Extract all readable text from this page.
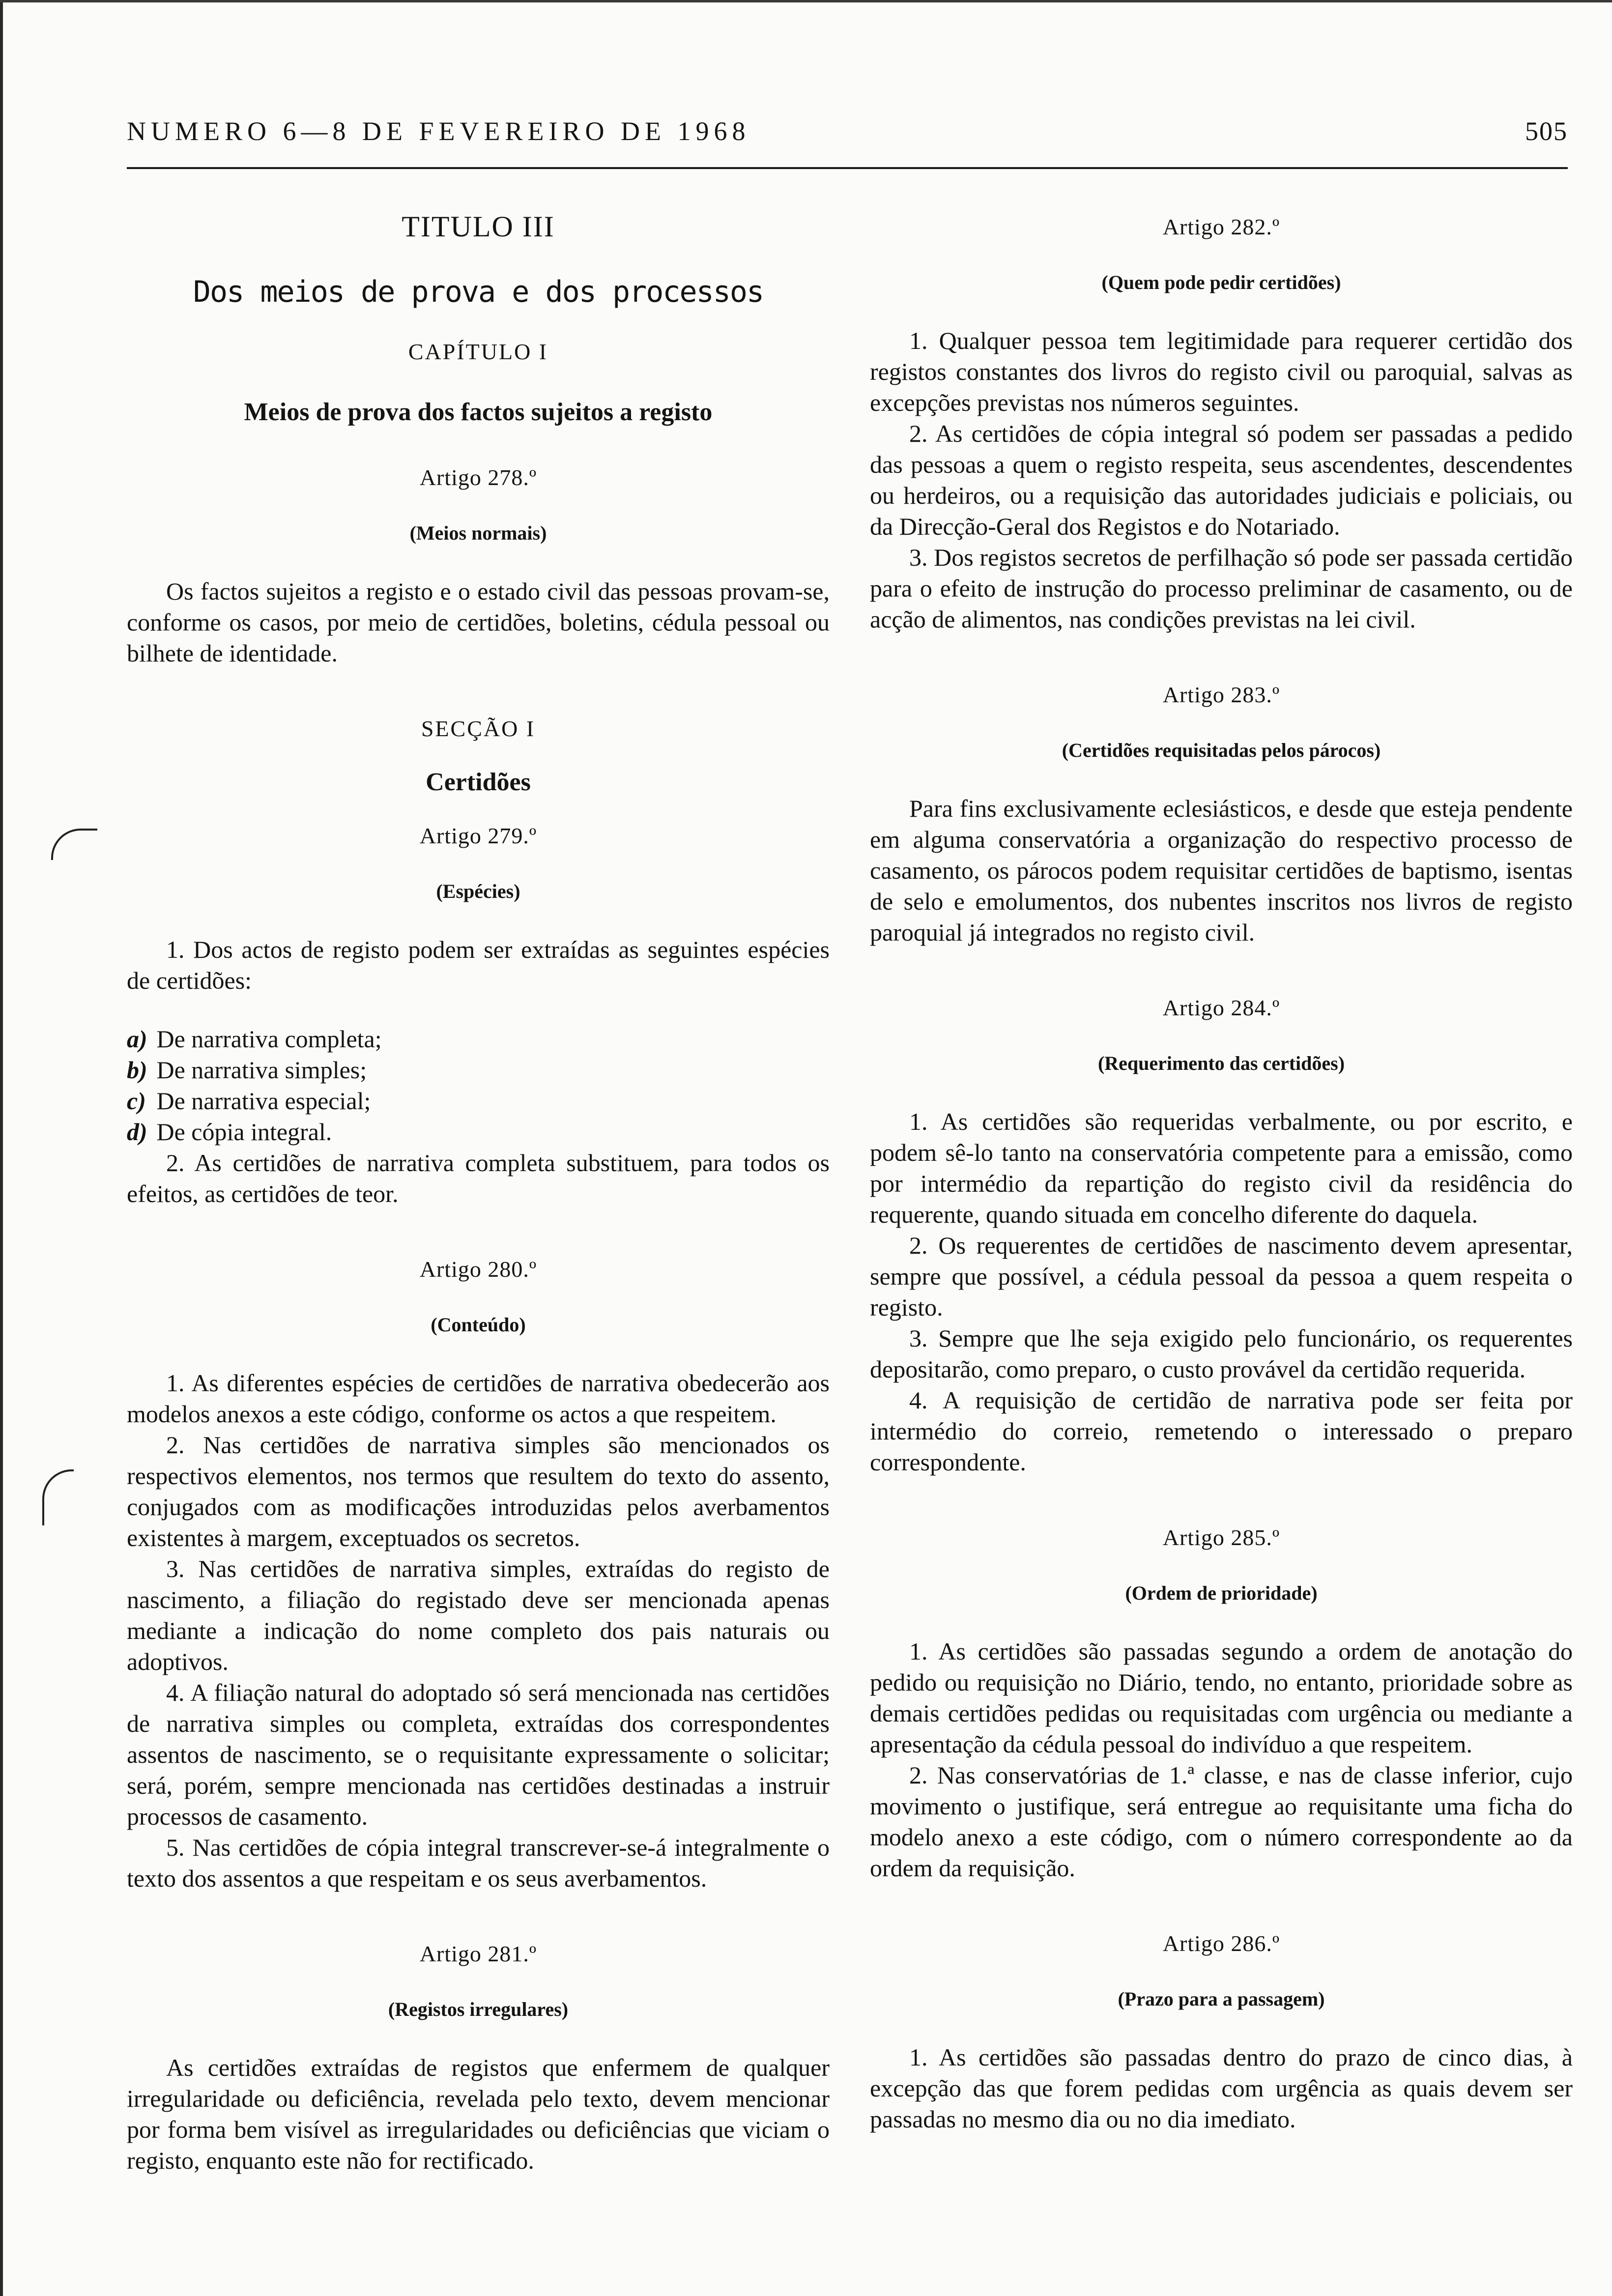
NUMERO 6—8 DE FEVEREIRO DE 1968	505
TITULO III
Dos meios de prova e dos processos
CAPÍTULO I
Meios de prova dos factos sujeitos a registo
Artigo 278.º
(Meios normais)

Os factos sujeitos a registo e o estado civil das pessoas provam-se, conforme os casos, por meio de certidões, boletins, cédula pessoal ou bilhete de identidade.

SECÇÃO I
Certidões
Artigo 279.º
(Espécies)

1. Dos actos de registo podem ser extraídas as seguintes espécies de certidões:

a) De narrativa completa;

b) De narrativa simples;

c) De narrativa especial;

d) De cópia integral.

2. As certidões de narrativa completa substituem, para todos os efeitos, as certidões de teor.

Artigo 280.º
(Conteúdo)

1. As diferentes espécies de certidões de narrativa obedecerão aos modelos anexos a este código, conforme os actos a que respeitem.

2. Nas certidões de narrativa simples são mencionados os respectivos elementos, nos termos que resultem do texto do assento, conjugados com as modificações introduzidas pelos averbamentos existentes à margem, exceptuados os secretos.

3. Nas certidões de narrativa simples, extraídas do registo de nascimento, a filiação do registado deve ser mencionada apenas mediante a indicação do nome completo dos pais naturais ou adoptivos.

4. A filiação natural do adoptado só será mencionada nas certidões de narrativa simples ou completa, extraídas dos correspondentes assentos de nascimento, se o requisitante expressamente o solicitar; será, porém, sempre mencionada nas certidões destinadas a instruir processos de casamento.

5. Nas certidões de cópia integral transcrever-se-á integralmente o texto dos assentos a que respeitam e os seus averbamentos.

Artigo 281.º
(Registos irregulares)

As certidões extraídas de registos que enfermem de qualquer irregularidade ou deficiência, revelada pelo texto, devem mencionar por forma bem visível as irregularidades ou deficiências que viciam o registo, enquanto este não for rectificado.

Artigo 282.º
(Quem pode pedir certidões)

1. Qualquer pessoa tem legitimidade para requerer certidão dos registos constantes dos livros do registo civil ou paroquial, salvas as excepções previstas nos números seguintes.

2. As certidões de cópia integral só podem ser passadas a pedido das pessoas a quem o registo respeita, seus ascendentes, descendentes ou herdeiros, ou a requisição das autoridades judiciais e policiais, ou da Direcção-Geral dos Registos e do Notariado.

3. Dos registos secretos de perfilhação só pode ser passada certidão para o efeito de instrução do processo preliminar de casamento, ou de acção de alimentos, nas condições previstas na lei civil.

Artigo 283.º
(Certidões requisitadas pelos párocos)

Para fins exclusivamente eclesiásticos, e desde que esteja pendente em alguma conservatória a organização do respectivo processo de casamento, os párocos podem requisitar certidões de baptismo, isentas de selo e emolumentos, dos nubentes inscritos nos livros de registo paroquial já integrados no registo civil.

Artigo 284.º
(Requerimento das certidões)

1. As certidões são requeridas verbalmente, ou por escrito, e podem sê-lo tanto na conservatória competente para a emissão, como por intermédio da repartição do registo civil da residência do requerente, quando situada em concelho diferente do daquela.

2. Os requerentes de certidões de nascimento devem apresentar, sempre que possível, a cédula pessoal da pessoa a quem respeita o registo.

3. Sempre que lhe seja exigido pelo funcionário, os requerentes depositarão, como preparo, o custo provável da certidão requerida.

4. A requisição de certidão de narrativa pode ser feita por intermédio do correio, remetendo o interessado o preparo correspondente.

Artigo 285.º
(Ordem de prioridade)

1. As certidões são passadas segundo a ordem de anotação do pedido ou requisição no Diário, tendo, no entanto, prioridade sobre as demais certidões pedidas ou requisitadas com urgência ou mediante a apresentação da cédula pessoal do indivíduo a que respeitem.

2. Nas conservatórias de 1.ª classe, e nas de classe inferior, cujo movimento o justifique, será entregue ao requisitante uma ficha do modelo anexo a este código, com o número correspondente ao da ordem da requisição.

Artigo 286.º
(Prazo para a passagem)

1. As certidões são passadas dentro do prazo de cinco dias, à excepção das que forem pedidas com urgência as quais devem ser passadas no mesmo dia ou no dia imediato.
